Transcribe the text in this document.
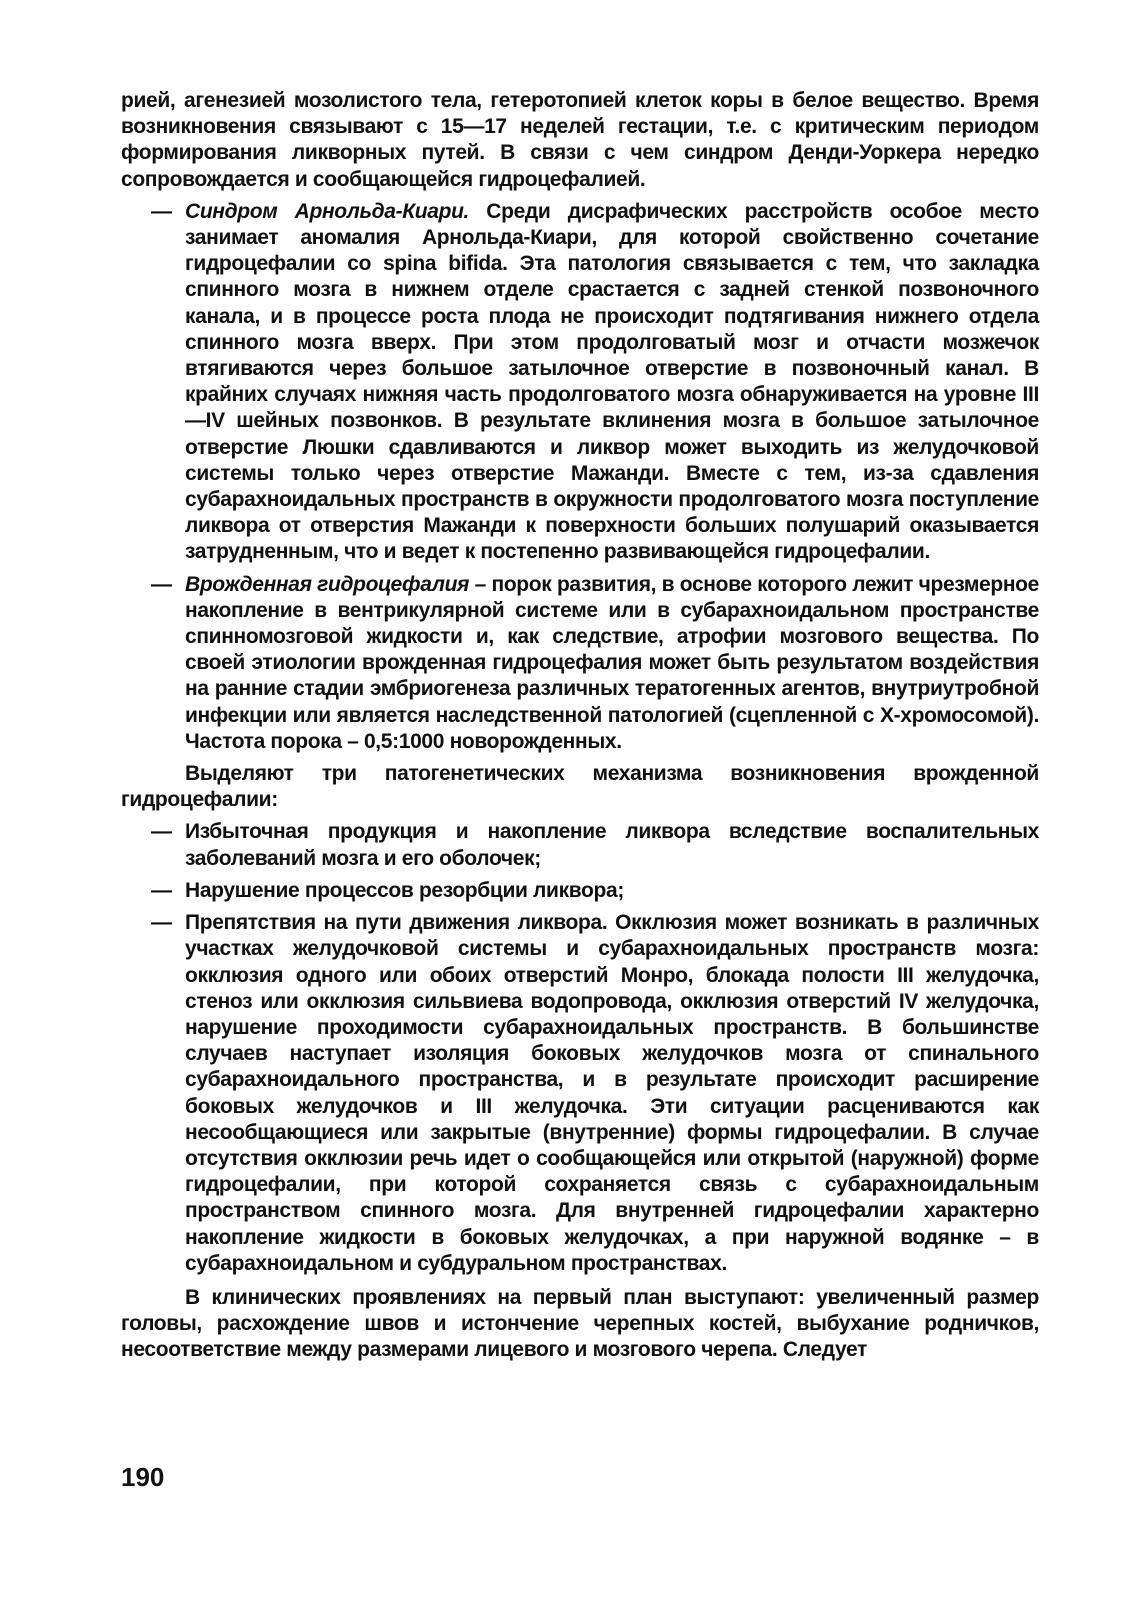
рией, агенезией мозолистого тела, гетеротопией клеток коры в белое вещество. Время возникновения связывают с 15—17 неделей гестации, т.е. с критическим периодом формирования ликворных путей. В связи с чем синдром Денди-Уоркера нередко сопровождается и сообщающейся гидроцефалией.

— Синдром Арнольда-Киари. Среди дисрафических расстройств особое место занимает аномалия Арнольда-Киари, для которой свойственно сочетание гидроцефалии со spina bifida. Эта патология связывается с тем, что закладка спинного мозга в нижнем отделе срастается с задней стенкой позвоночного канала, и в процессе роста плода не происходит подтягивания нижнего отдела спинного мозга вверх. При этом продолговатый мозг и отчасти мозжечок втягиваются через большое затылочное отверстие в позвоночный канал. В крайних случаях нижняя часть продолговатого мозга обнаруживается на уровне III—IV шейных позвонков. В результате вклинения мозга в большое затылочное отверстие Люшки сдавливаются и ликвор может выходить из желудочковой системы только через отверстие Мажанди. Вместе с тем, из-за сдавления субарахноидальных пространств в окружности продолговатого мозга поступление ликвора от отверстия Мажанди к поверхности больших полушарий оказывается затрудненным, что и ведет к постепенно развивающейся гидроцефалии.
— Врожденная гидроцефалия – порок развития, в основе которого лежит чрезмерное накопление в вентрикулярной системе или в субарахноидальном пространстве спинномозговой жидкости и, как следствие, атрофии мозгового вещества. По своей этиологии врожденная гидроцефалия может быть результатом воздействия на ранние стадии эмбриогенеза различных тератогенных агентов, внутриутробной инфекции или является наследственной патологией (сцепленной с Х-хромосомой). Частота порока – 0,5:1000 новорожденных.

Выделяют три патогенетических механизма возникновения врожденной гидроцефалии:

— Избыточная продукция и накопление ликвора вследствие воспалительных заболеваний мозга и его оболочек;
— Нарушение процессов резорбции ликвора;
— Препятствия на пути движения ликвора. Окклюзия может возникать в различных участках желудочковой системы и субарахноидальных пространств мозга: окклюзия одного или обоих отверстий Монро, блокада полости III желудочка, стеноз или окклюзия сильвиева водопровода, окклюзия отверстий IV желудочка, нарушение проходимости субарахноидальных пространств. В большинстве случаев наступает изоляция боковых желудочков мозга от спинального субарахноидального пространства, и в результате происходит расширение боковых желудочков и III желудочка. Эти ситуации расцениваются как несообщающиеся или закрытые (внутренние) формы гидроцефалии. В случае отсутствия окклюзии речь идет о сообщающейся или открытой (наружной) форме гидроцефалии, при которой сохраняется связь с субарахноидальным пространством спинного мозга. Для внутренней гидроцефалии характерно накопление жидкости в боковых желудочках, а при наружной водянке – в субарахноидальном и субдуральном пространствах.

В клинических проявлениях на первый план выступают: увеличенный размер головы, расхождение швов и истончение черепных костей, выбухание родничков, несоответствие между размерами лицевого и мозгового черепа. Следует

190
